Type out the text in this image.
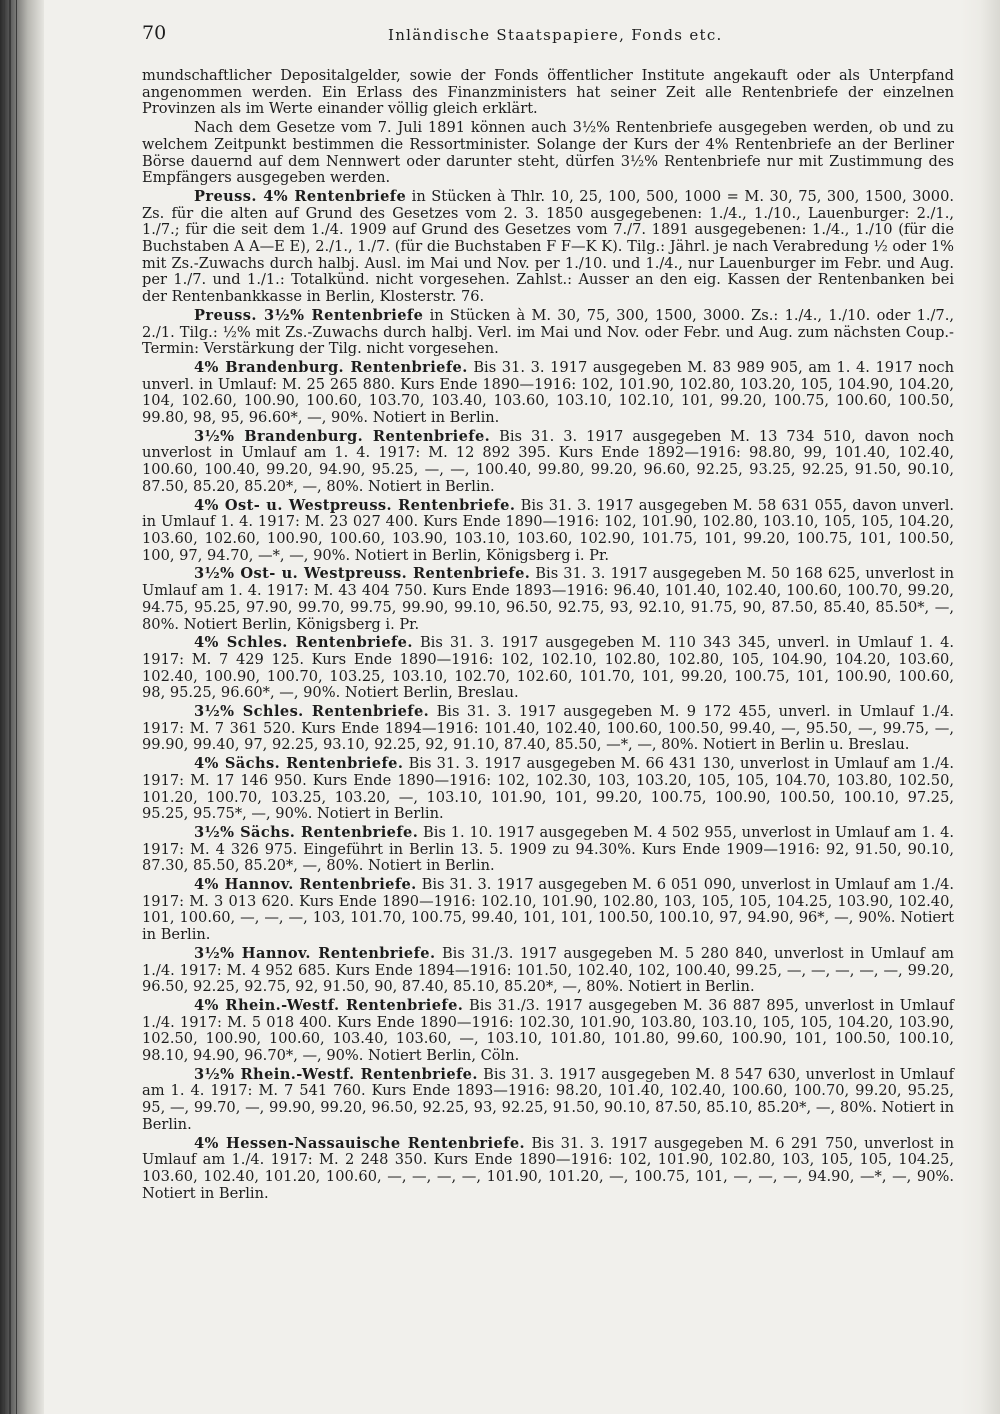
70	Inländische Staatspapiere, Fonds etc.

mundschaftlicher Depositalgelder, sowie der Fonds öffentlicher Institute angekauft oder als Unterpfand angenommen werden. Ein Erlass des Finanzministers hat seiner Zeit alle Rentenbriefe der einzelnen Provinzen als im Werte einander völlig gleich erklärt.

Nach dem Gesetze vom 7. Juli 1891 können auch 3½% Rentenbriefe ausgegeben werden, ob und zu welchem Zeitpunkt bestimmen die Ressortminister. Solange der Kurs der 4% Rentenbriefe an der Berliner Börse dauernd auf dem Nennwert oder darunter steht, dürfen 3½% Rentenbriefe nur mit Zustimmung des Empfängers ausgegeben werden.

Preuss. 4% Rentenbriefe in Stücken à Thlr. 10, 25, 100, 500, 1000 = M. 30, 75, 300, 1500, 3000. Zs. für die alten auf Grund des Gesetzes vom 2. 3. 1850 ausgegebenen: 1./4., 1./10., Lauenburger: 2./1., 1./7.; für die seit dem 1./4. 1909 auf Grund des Gesetzes vom 7./7. 1891 ausgegebenen: 1./4., 1./10 (für die Buchstaben A A—E E), 2./1., 1./7. (für die Buchstaben F F—K K). Tilg.: Jährl. je nach Verabredung ½ oder 1% mit Zs.-Zuwachs durch halbj. Ausl. im Mai und Nov. per 1./10. und 1./4., nur Lauenburger im Febr. und Aug. per 1./7. und 1./1.: Totalkünd. nicht vorgesehen. Zahlst.: Ausser an den eig. Kassen der Rentenbanken bei der Rentenbankkasse in Berlin, Klosterstr. 76.

Preuss. 3½% Rentenbriefe in Stücken à M. 30, 75, 300, 1500, 3000. Zs.: 1./4., 1./10. oder 1./7., 2./1. Tilg.: ½% mit Zs.-Zuwachs durch halbj. Verl. im Mai und Nov. oder Febr. und Aug. zum nächsten Coup.-Termin: Verstärkung der Tilg. nicht vorgesehen.

4% Brandenburg. Rentenbriefe. Bis 31. 3. 1917 ausgegeben M. 83 989 905, am 1. 4. 1917 noch unverl. in Umlauf: M. 25 265 880. Kurs Ende 1890—1916: 102, 101.90, 102.80, 103.20, 105, 104.90, 104.20, 104, 102.60, 100.90, 100.60, 103.70, 103.40, 103.60, 103.10, 102.10, 101, 99.20, 100.75, 100.60, 100.50, 99.80, 98, 95, 96.60*, —, 90%. Notiert in Berlin.

3½% Brandenburg. Rentenbriefe. Bis 31. 3. 1917 ausgegeben M. 13 734 510, davon noch unverlost in Umlauf am 1. 4. 1917: M. 12 892 395. Kurs Ende 1892—1916: 98.80, 99, 101.40, 102.40, 100.60, 100.40, 99.20, 94.90, 95.25, —, —, 100.40, 99.80, 99.20, 96.60, 92.25, 93.25, 92.25, 91.50, 90.10, 87.50, 85.20, 85.20*, —, 80%. Notiert in Berlin.

4% Ost- u. Westpreuss. Rentenbriefe. Bis 31. 3. 1917 ausgegeben M. 58 631 055, davon unverl. in Umlauf 1. 4. 1917: M. 23 027 400. Kurs Ende 1890—1916: 102, 101.90, 102.80, 103.10, 105, 105, 104.20, 103.60, 102.60, 100.90, 100.60, 103.90, 103.10, 103.60, 102.90, 101.75, 101, 99.20, 100.75, 101, 100.50, 100, 97, 94.70, —*, —, 90%. Notiert in Berlin, Königsberg i. Pr.

3½% Ost- u. Westpreuss. Rentenbriefe. Bis 31. 3. 1917 ausgegeben M. 50 168 625, unverlost in Umlauf am 1. 4. 1917: M. 43 404 750. Kurs Ende 1893—1916: 96.40, 101.40, 102.40, 100.60, 100.70, 99.20, 94.75, 95.25, 97.90, 99.70, 99.75, 99.90, 99.10, 96.50, 92.75, 93, 92.10, 91.75, 90, 87.50, 85.40, 85.50*, —, 80%. Notiert Berlin, Königsberg i. Pr.

4% Schles. Rentenbriefe. Bis 31. 3. 1917 ausgegeben M. 110 343 345, unverl. in Umlauf 1. 4. 1917: M. 7 429 125. Kurs Ende 1890—1916: 102, 102.10, 102.80, 102.80, 105, 104.90, 104.20, 103.60, 102.40, 100.90, 100.70, 103.25, 103.10, 102.70, 102.60, 101.70, 101, 99.20, 100.75, 101, 100.90, 100.60, 98, 95.25, 96.60*, —, 90%. Notiert Berlin, Breslau.

3½% Schles. Rentenbriefe. Bis 31. 3. 1917 ausgegeben M. 9 172 455, unverl. in Umlauf 1./4. 1917: M. 7 361 520. Kurs Ende 1894—1916: 101.40, 102.40, 100.60, 100.50, 99.40, —, 95.50, —, 99.75, —, 99.90, 99.40, 97, 92.25, 93.10, 92.25, 92, 91.10, 87.40, 85.50, —*, —, 80%. Notiert in Berlin u. Breslau.

4% Sächs. Rentenbriefe. Bis 31. 3. 1917 ausgegeben M. 66 431 130, unverlost in Umlauf am 1./4. 1917: M. 17 146 950. Kurs Ende 1890—1916: 102, 102.30, 103, 103.20, 105, 105, 104.70, 103.80, 102.50, 101.20, 100.70, 103.25, 103.20, —, 103.10, 101.90, 101, 99.20, 100.75, 100.90, 100.50, 100.10, 97.25, 95.25, 95.75*, —, 90%. Notiert in Berlin.

3½% Sächs. Rentenbriefe. Bis 1. 10. 1917 ausgegeben M. 4 502 955, unverlost in Umlauf am 1. 4. 1917: M. 4 326 975. Eingeführt in Berlin 13. 5. 1909 zu 94.30%. Kurs Ende 1909—1916: 92, 91.50, 90.10, 87.30, 85.50, 85.20*, —, 80%. Notiert in Berlin.

4% Hannov. Rentenbriefe. Bis 31. 3. 1917 ausgegeben M. 6 051 090, unverlost in Umlauf am 1./4. 1917: M. 3 013 620. Kurs Ende 1890—1916: 102.10, 101.90, 102.80, 103, 105, 105, 104.25, 103.90, 102.40, 101, 100.60, —, —, —, 103, 101.70, 100.75, 99.40, 101, 101, 100.50, 100.10, 97, 94.90, 96*, —, 90%. Notiert in Berlin.

3½% Hannov. Rentenbriefe. Bis 31./3. 1917 ausgegeben M. 5 280 840, unverlost in Umlauf am 1./4. 1917: M. 4 952 685. Kurs Ende 1894—1916: 101.50, 102.40, 102, 100.40, 99.25, —, —, —, —, —, 99.20, 96.50, 92.25, 92.75, 92, 91.50, 90, 87.40, 85.10, 85.20*, —, 80%. Notiert in Berlin.

4% Rhein.-Westf. Rentenbriefe. Bis 31./3. 1917 ausgegeben M. 36 887 895, unverlost in Umlauf 1./4. 1917: M. 5 018 400. Kurs Ende 1890—1916: 102.30, 101.90, 103.80, 103.10, 105, 105, 104.20, 103.90, 102.50, 100.90, 100.60, 103.40, 103.60, —, 103.10, 101.80, 101.80, 99.60, 100.90, 101, 100.50, 100.10, 98.10, 94.90, 96.70*, —, 90%. Notiert Berlin, Cöln.

3½% Rhein.-Westf. Rentenbriefe. Bis 31. 3. 1917 ausgegeben M. 8 547 630, unverlost in Umlauf am 1. 4. 1917: M. 7 541 760. Kurs Ende 1893—1916: 98.20, 101.40, 102.40, 100.60, 100.70, 99.20, 95.25, 95, —, 99.70, —, 99.90, 99.20, 96.50, 92.25, 93, 92.25, 91.50, 90.10, 87.50, 85.10, 85.20*, —, 80%. Notiert in Berlin.

4% Hessen-Nassauische Rentenbriefe. Bis 31. 3. 1917 ausgegeben M. 6 291 750, unverlost in Umlauf am 1./4. 1917: M. 2 248 350. Kurs Ende 1890—1916: 102, 101.90, 102.80, 103, 105, 105, 104.25, 103.60, 102.40, 101.20, 100.60, —, —, —, —, 101.90, 101.20, —, 100.75, 101, —, —, —, 94.90, —*, —, 90%. Notiert in Berlin.
